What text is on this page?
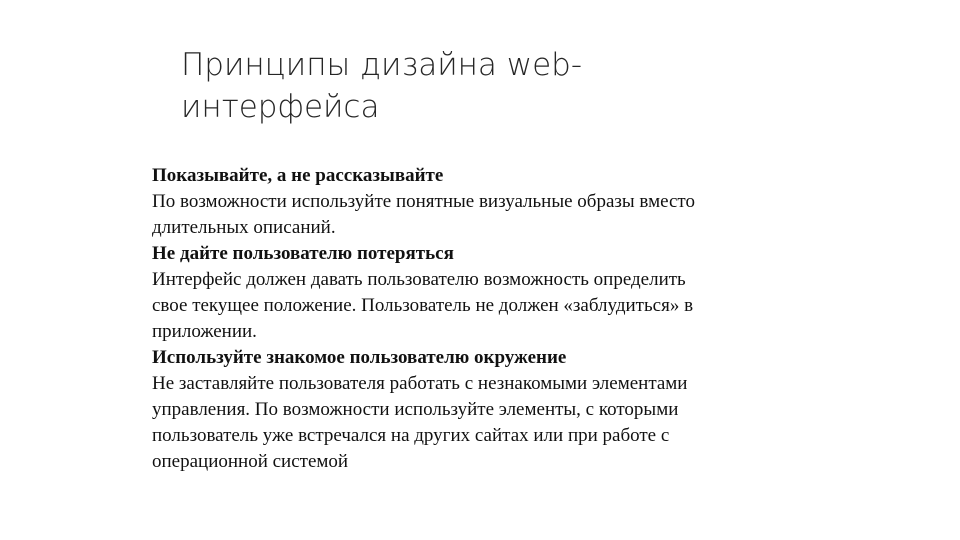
Принципы дизайна web-
интерфейса
Показывайте, а не рассказывайте
По возможности используйте понятные визуальные образы вместо
длительных описаний.
Не дайте пользователю потеряться
Интерфейс должен давать пользователю возможность определить
свое текущее положение. Пользователь не должен «заблудиться» в
приложении.
Используйте знакомое пользователю окружение
Не заставляйте пользователя работать с незнакомыми элементами
управления. По возможности используйте элементы, с которыми
пользователь уже встречался на других сайтах или при работе с
операционной системой
